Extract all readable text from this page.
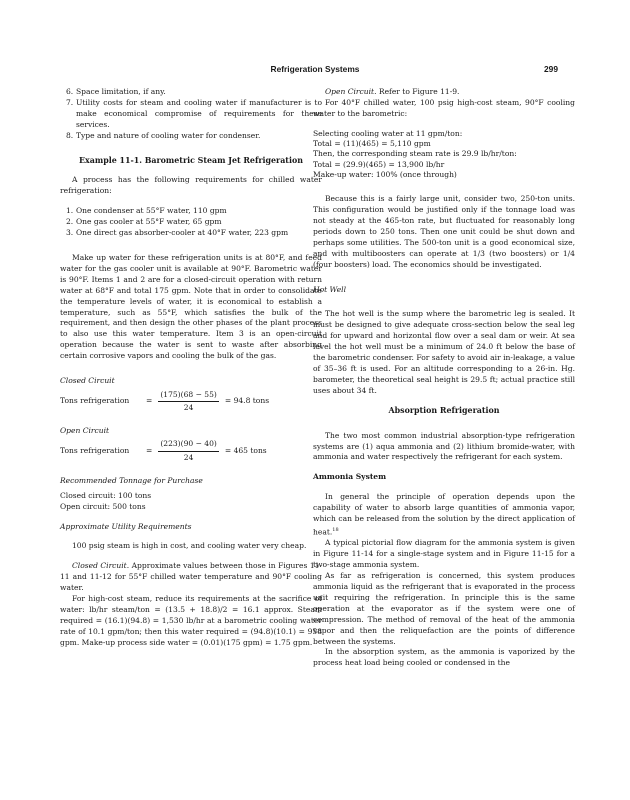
Refrigeration Systems	299

6. Space limitation, if any.

7. Utility costs for steam and cooling water if manufacturer is to make economical compromise of requirements for these services.

8. Type and nature of cooling water for condenser.

Example 11-1. Barometric Steam Jet Refrigeration

A process has the following requirements for chilled water refrigeration:

1. One condenser at 55°F water, 110 gpm

2. One gas cooler at 55°F water, 65 gpm

3. One direct gas absorber-cooler at 40°F water, 223 gpm

Make up water for these refrigeration units is at 80°F, and feed water for the gas cooler unit is available at 90°F. Barometric water is 90°F. Items 1 and 2 are for a closed-circuit operation with return water at 68°F and total 175 gpm. Note that in order to consolidate the temperature levels of water, it is economical to establish a temperature, such as 55°F, which satisfies the bulk of the requirement, and then design the other phases of the plant process to also use this water temperature. Item 3 is an open-circuit operation because the water is sent to waste after absorbing certain corrosive vapors and cooling the bulk of the gas.

Closed Circuit

Tons refrigeration	= $\frac{(175)(68 - 55)}{24} = 94.8$ tons

Open Circuit

Tons refrigeration	= $\frac{(223)(90 - 40)}{24} = 465$ tons

Recommended Tonnage for Purchase

Closed circuit: 100 tons

Open circuit: 500 tons

Approximate Utility Requirements

100 psig steam is high in cost, and cooling water very cheap.

Closed Circuit. Approximate values between those in Figures 11-11 and 11-12 for 55°F chilled water temperature and 90°F cooling water.

For high-cost steam, reduce its requirements at the sacrifice of water: lb/hr steam/ton = (13.5 + 18.8)/2 = 16.1 approx. Steam required = (16.1)(94.8) = 1,530 lb/hr at a barometric cooling water rate of 10.1 gpm/ton; then this water required = (94.8)(10.1) = 958 gpm. Make-up process side water = (0.01)(175 gpm) = 1.75 gpm.

Open Circuit. Refer to Figure 11-9.

For 40°F chilled water, 100 psig high-cost steam, 90°F cooling water to the barometric:

Selecting cooling water at 11 gpm/ton:

Total = (11)(465) = 5,110 gpm

Then, the corresponding steam rate is 29.9 lb/hr/ton:

Total = (29.9)(465) = 13,900 lb/hr

Make-up water: 100% (once through)

Because this is a fairly large unit, consider two, 250-ton units. This configuration would be justified only if the tonnage load was not steady at the 465-ton rate, but fluctuated for reasonably long periods down to 250 tons. Then one unit could be shut down and perhaps some utilities. The 500-ton unit is a good economical size, and with multiboosters can operate at 1/3 (two boosters) or 1/4 (four boosters) load. The economics should be investigated.

Hot Well

The hot well is the sump where the barometric leg is sealed. It must be designed to give adequate cross-section below the seal leg and for upward and horizontal flow over a seal dam or weir. At sea level the hot well must be a minimum of 24.0 ft below the base of the barometric condenser. For safety to avoid air in-leakage, a value of 35–36 ft is used. For an altitude corresponding to a 26-in. Hg. barometer, the theoretical seal height is 29.5 ft; actual practice still uses about 34 ft.

Absorption Refrigeration

The two most common industrial absorption-type refrigeration systems are (1) aqua ammonia and (2) lithium bromide-water, with ammonia and water respectively the refrigerant for each system.

Ammonia System

In general the principle of operation depends upon the capability of water to absorb large quantities of ammonia vapor, which can be released from the solution by the direct application of heat.$^{18}$

A typical pictorial flow diagram for the ammonia system is given in Figure 11-14 for a single-stage system and in Figure 11-15 for a two-stage ammonia system.

As far as refrigeration is concerned, this system produces ammonia liquid as the refrigerant that is evaporated in the process unit requiring the refrigeration. In principle this is the same operation at the evaporator as if the system were one of compression. The method of removal of the heat of the ammonia vapor and then the reliquefaction are the points of difference between the systems.

In the absorption system, as the ammonia is vaporized by the process heat load being cooled or condensed in the
